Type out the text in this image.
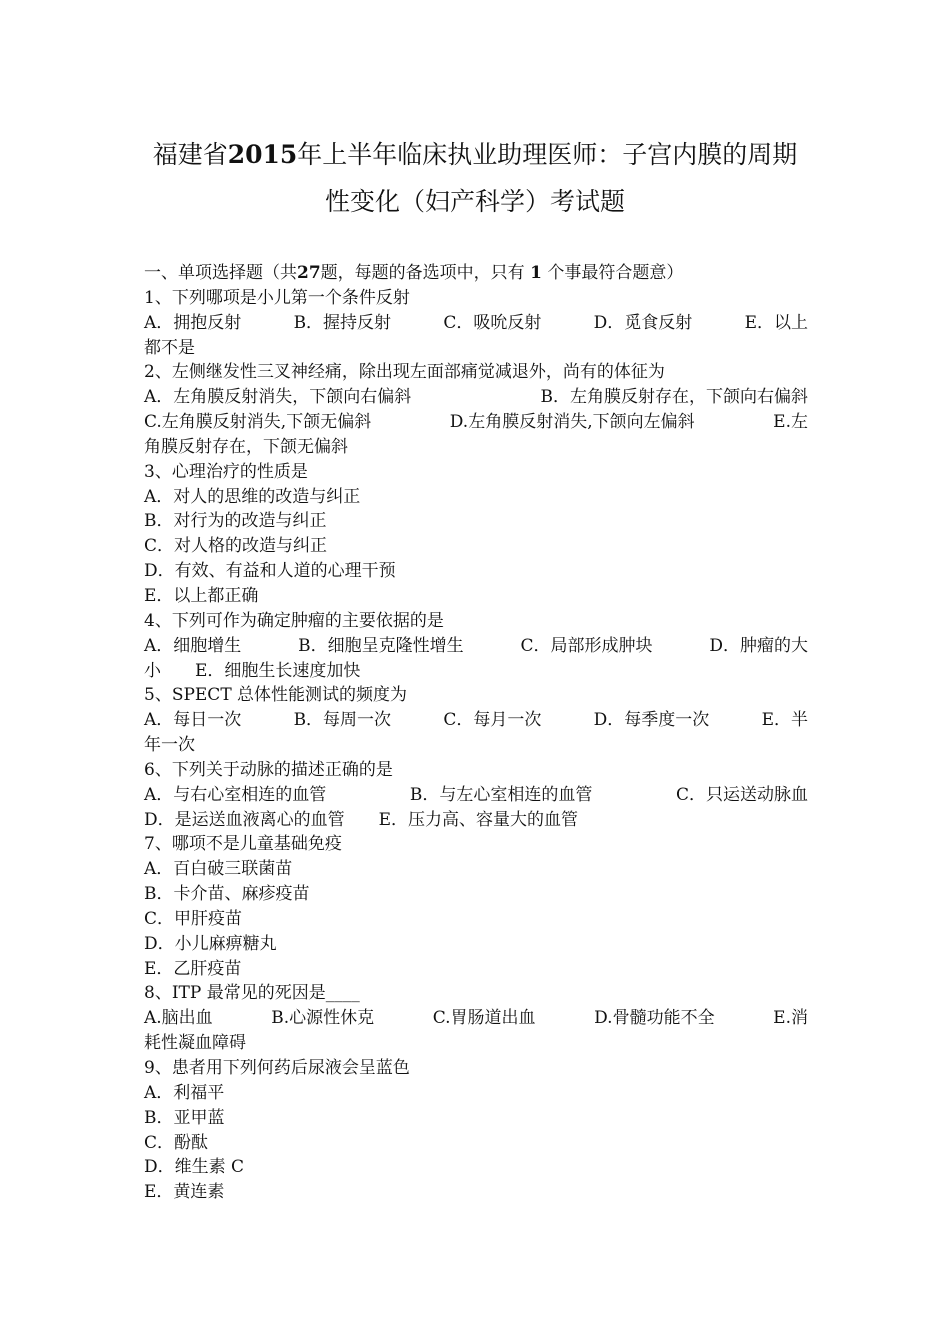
福建省2015年上半年临床执业助理医师：子宫内膜的周期
性变化（妇产科学）考试题
一、单项选择题（共27题，每题的备选项中，只有 1 个事最符合题意）
1、下列哪项是小儿第一个条件反射
A．拥抱反射	B．握持反射	C．吸吮反射	D．觅食反射	E．以上
都不是
2、左侧继发性三叉神经痛，除出现左面部痛觉减退外，尚有的体征为
A．左角膜反射消失，下颌向右偏斜	B．左角膜反射存在，下颌向右偏斜
C.左角膜反射消失,下颌无偏斜	D.左角膜反射消失,下颌向左偏斜	E.左
角膜反射存在，下颌无偏斜
3、心理治疗的性质是
A．对人的思维的改造与纠正
B．对行为的改造与纠正
C．对人格的改造与纠正
D．有效、有益和人道的心理干预
E．以上都正确
4、下列可作为确定肿瘤的主要依据的是
A．细胞增生	B．细胞呈克隆性增生	C．局部形成肿块	D．肿瘤的大
小　　E．细胞生长速度加快
5、SPECT 总体性能测试的频度为
A．每日一次	B．每周一次	C．每月一次	D．每季度一次	E．半
年一次
6、下列关于动脉的描述正确的是
A．与右心室相连的血管	B．与左心室相连的血管	C．只运送动脉血
D．是运送血液离心的血管　　E．压力高、容量大的血管
7、哪项不是儿童基础免疫
A．百白破三联菌苗
B．卡介苗、麻疹疫苗
C．甲肝疫苗
D．小儿麻痹糖丸
E．乙肝疫苗
8、ITP 最常见的死因是____
A.脑出血	B.心源性休克	C.胃肠道出血	D.骨髓功能不全	E.消
耗性凝血障碍
9、患者用下列何药后尿液会呈蓝色
A．利福平
B．亚甲蓝
C．酚酞
D．维生素 C
E．黄连素
